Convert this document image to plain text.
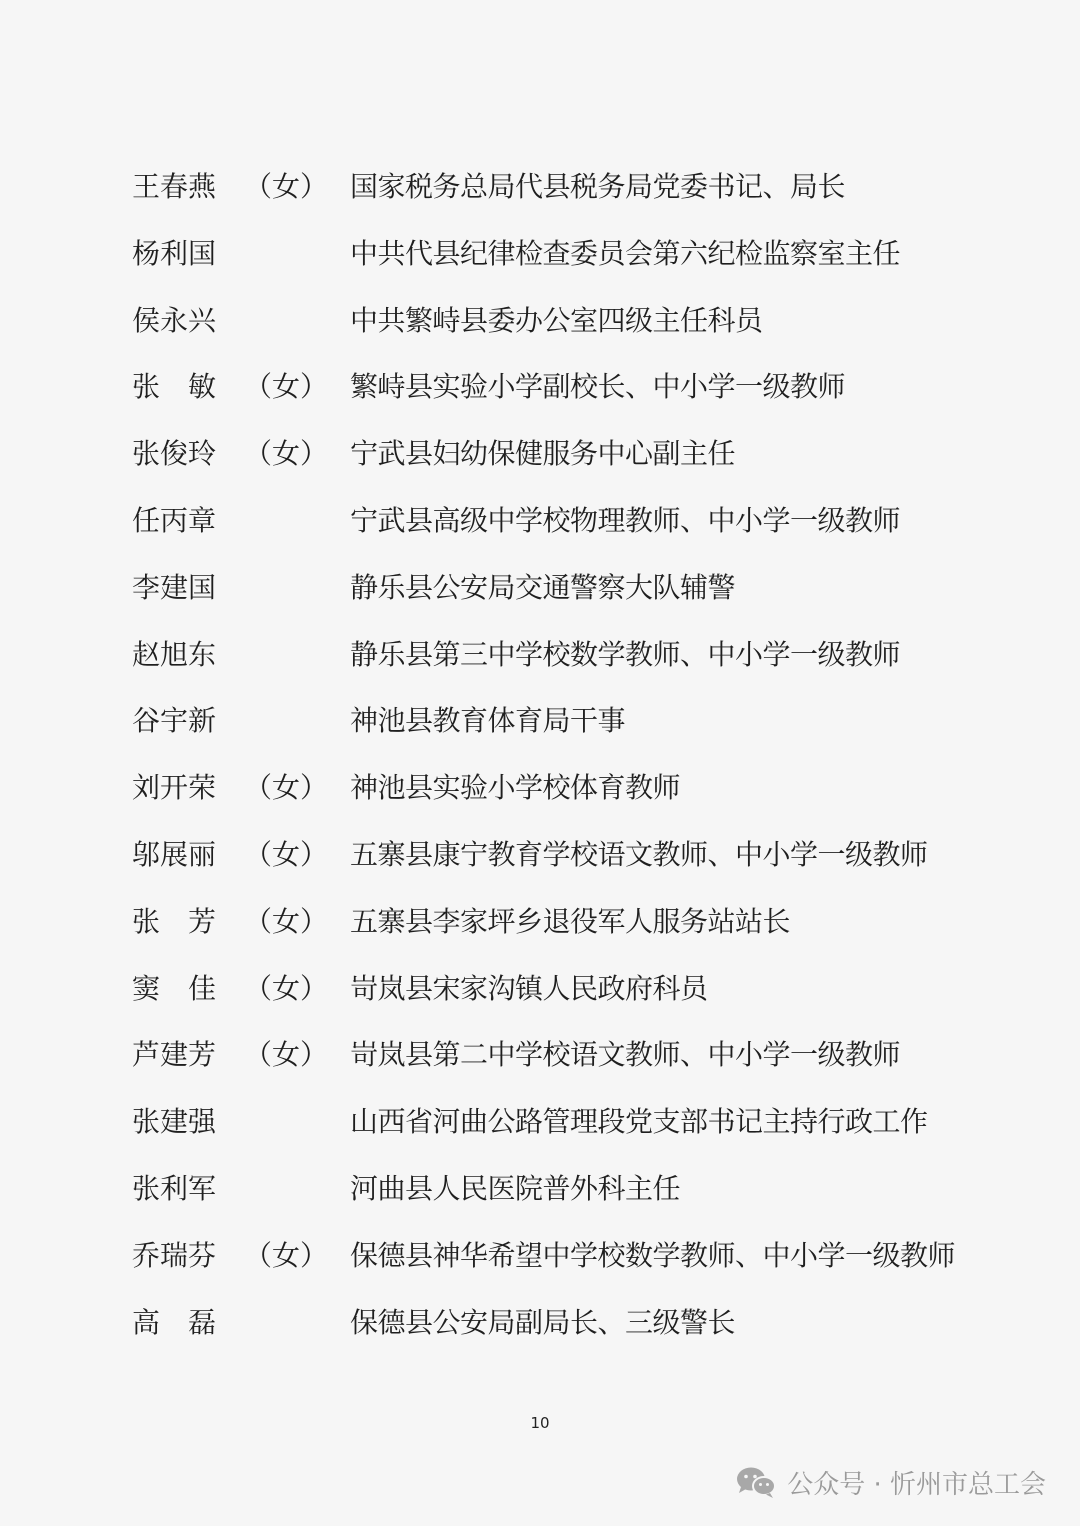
王春燕 （女） 国家税务总局代县税务局党委书记、局长
杨利国	中共代县纪律检查委员会第六纪检监察室主任
侯永兴	中共繁峙县委办公室四级主任科员
张　敏 （女） 繁峙县实验小学副校长、中小学一级教师
张俊玲 （女） 宁武县妇幼保健服务中心副主任
任丙章	宁武县高级中学校物理教师、中小学一级教师
李建国	静乐县公安局交通警察大队辅警
赵旭东	静乐县第三中学校数学教师、中小学一级教师
谷宇新	神池县教育体育局干事
刘开荣 （女） 神池县实验小学校体育教师
邬展丽 （女） 五寨县康宁教育学校语文教师、中小学一级教师
张　芳 （女） 五寨县李家坪乡退役军人服务站站长
窦　佳 （女） 岢岚县宋家沟镇人民政府科员
芦建芳 （女） 岢岚县第二中学校语文教师、中小学一级教师
张建强	山西省河曲公路管理段党支部书记主持行政工作
张利军	河曲县人民医院普外科主任
乔瑞芬 （女） 保德县神华希望中学校数学教师、中小学一级教师
高　磊	保德县公安局副局长、三级警长
10
公众号 · 忻州市总工会
